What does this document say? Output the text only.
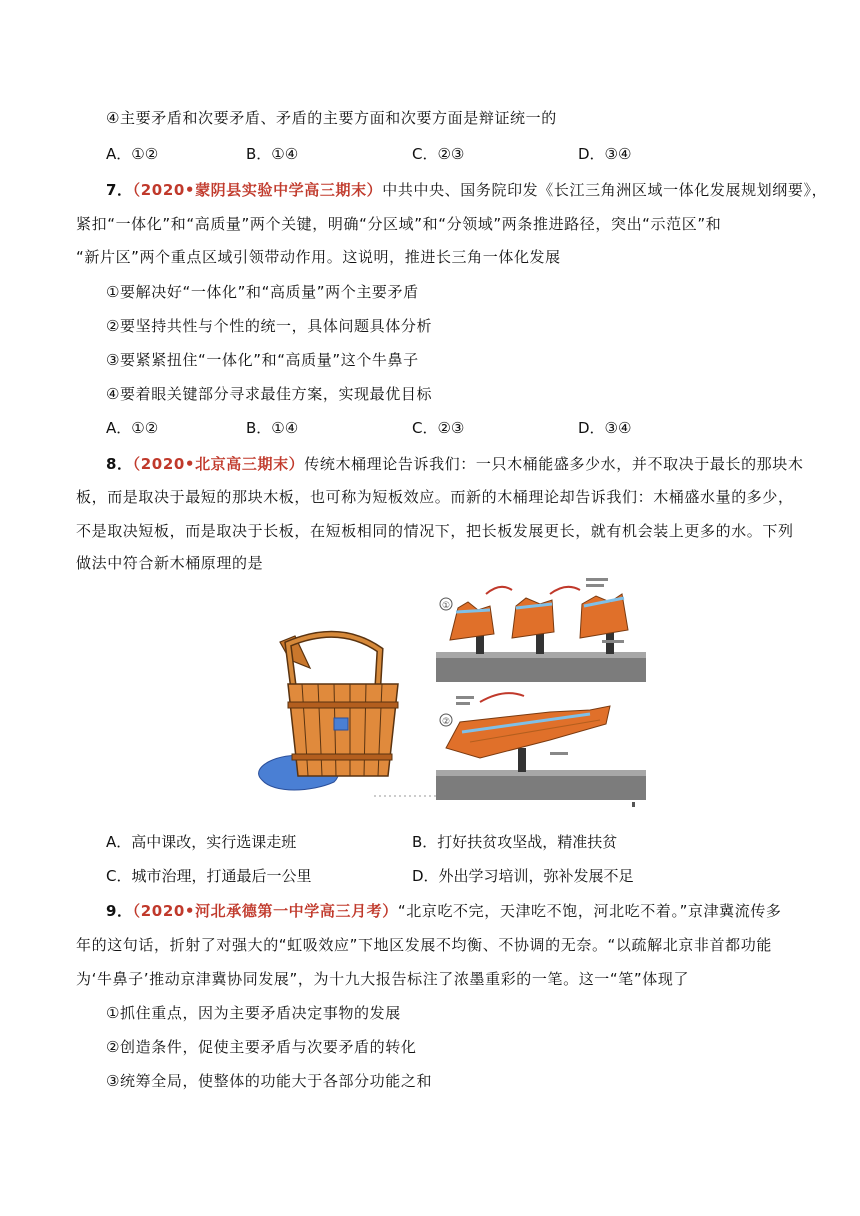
④主要矛盾和次要矛盾、矛盾的主要方面和次要方面是辩证统一的
A．①②	B．①④	C．②③	D．③④
7．（2020•蒙阴县实验中学高三期末）中共中央、国务院印发《长江三角洲区域一体化发展规划纲要》，
紧扣“一体化”和“高质量”两个关键，明确“分区域”和“分领域”两条推进路径，突出“示范区”和
“新片区”两个重点区域引领带动作用。这说明，推进长三角一体化发展
①要解决好“一体化”和“高质量”两个主要矛盾
②要坚持共性与个性的统一，具体问题具体分析
③要紧紧扭住“一体化”和“高质量”这个牛鼻子
④要着眼关键部分寻求最佳方案，实现最优目标
A．①②	B．①④	C．②③	D．③④
8．（2020•北京高三期末）传统木桶理论告诉我们：一只木桶能盛多少水，并不取决于最长的那块木
板，而是取决于最短的那块木板，也可称为短板效应。而新的木桶理论却告诉我们：木桶盛水量的多少，
不是取决短板，而是取决于长板，在短板相同的情况下，把长板发展更长，就有机会装上更多的水。下列
做法中符合新木桶原理的是
①
②
A．高中课改，实行选课走班	B．打好扶贫攻坚战，精准扶贫
C．城市治理，打通最后一公里	D．外出学习培训，弥补发展不足
9．（2020•河北承德第一中学高三月考）“北京吃不完，天津吃不饱，河北吃不着。”京津冀流传多
年的这句话，折射了对强大的“虹吸效应”下地区发展不均衡、不协调的无奈。“以疏解北京非首都功能
为‘牛鼻子’推动京津冀协同发展”，为十九大报告标注了浓墨重彩的一笔。这一“笔”体现了
①抓住重点，因为主要矛盾决定事物的发展
②创造条件，促使主要矛盾与次要矛盾的转化
③统筹全局，使整体的功能大于各部分功能之和
